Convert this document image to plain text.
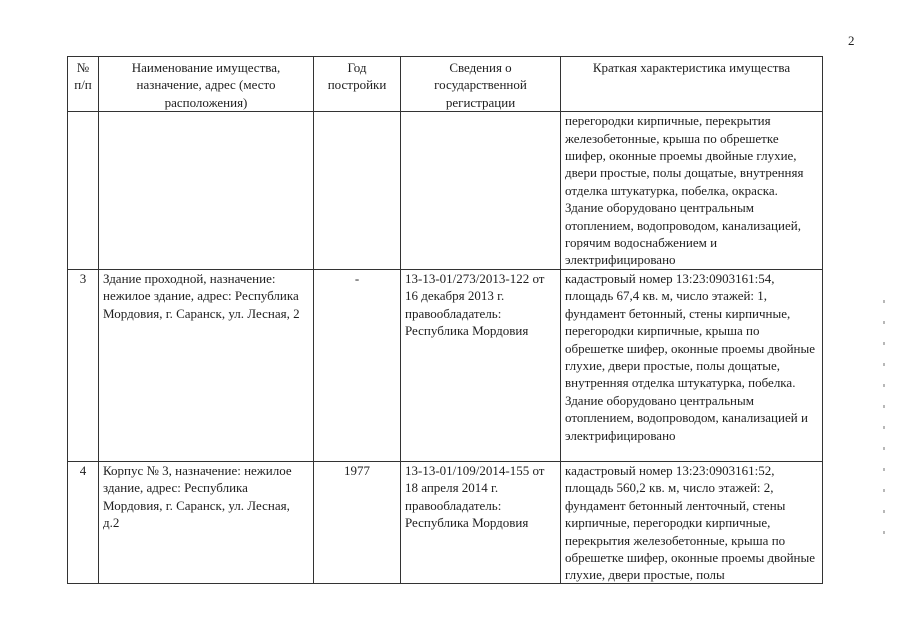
2
№ п/п	Наименование имущества, назначение, адрес (место расположения)	Год постройки	Сведения о государственной регистрации	Краткая характеристика имущества
				перегородки кирпичные, перекрытия железобетонные, крыша по обрешетке шифер, оконные проемы двойные глухие, двери простые, полы дощатые, внутренняя отделка штукатурка, побелка, окраска. Здание оборудовано центральным отоплением, водопроводом, канализацией, горячим водоснабжением и электрифицировано
3	Здание проходной, назначение: нежилое здание, адрес: Республика Мордовия, г. Саранск, ул. Лесная, 2	-	13-13-01/273/2013-122 от 16 декабря 2013 г. правообладатель: Республика Мордовия	кадастровый номер 13:23:0903161:54, площадь 67,4 кв. м, число этажей: 1, фундамент бетонный, стены кирпичные, перегородки кирпичные, крыша по обрешетке шифер, оконные проемы двойные глухие, двери простые, полы дощатые, внутренняя отделка штукатурка, побелка. Здание оборудовано центральным отоплением, водопроводом, канализацией и электрифицировано
4	Корпус № 3, назначение: нежилое здание, адрес: Республика Мордовия, г. Саранск, ул. Лесная, д.2	1977	13-13-01/109/2014-155 от 18 апреля 2014 г. правообладатель: Республика Мордовия	кадастровый номер 13:23:0903161:52, площадь 560,2 кв. м, число этажей: 2, фундамент бетонный ленточный, стены кирпичные, перегородки кирпичные, перекрытия железобетонные, крыша по обрешетке шифер, оконные проемы двойные глухие, двери простые, полы
